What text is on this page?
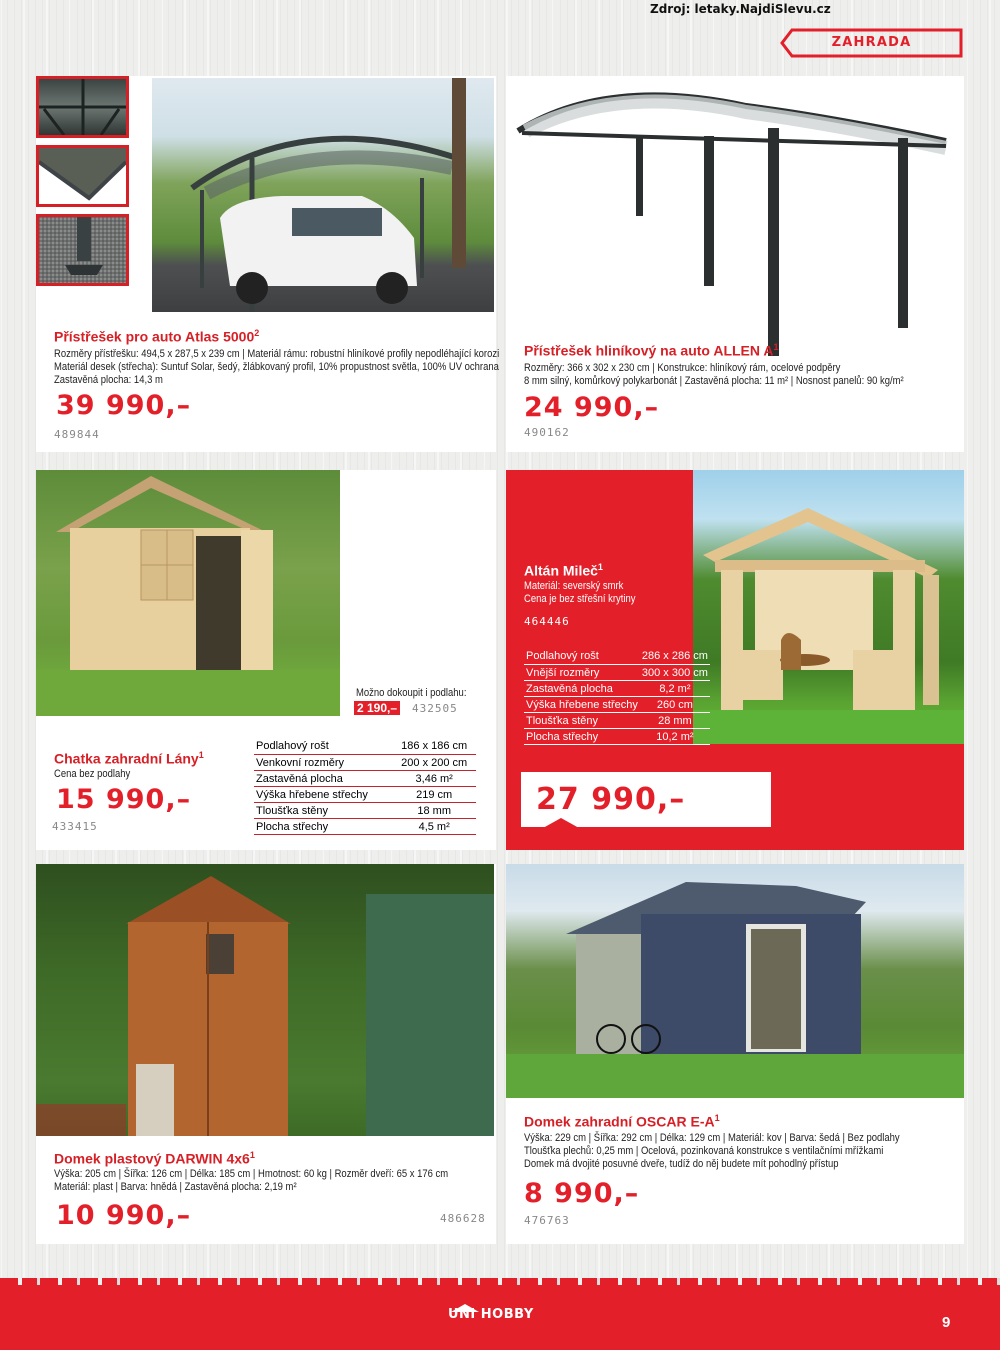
Zdroj: letaky.NajdiSlevu.cz
ZAHRADA
Přístřešek pro auto Atlas 5000$^2$
Rozměry přístřešku: 494,5 x 287,5 x 239 cm | Materiál rámu: robustní hliníkové profily nepodléhající korozi
Materiál desek (střecha): Suntuf Solar, šedý, žlábkovaný profil, 10% propustnost světla, 100% UV ochrana
Zastavěná plocha: 14,3 m
39 990,–
489844
Přístřešek hliníkový na auto ALLEN $A^1$
Rozměry: 366 x 302 x 230 cm | Konstrukce: hliníkový rám, ocelové podpěry
8 mm silný, komůrkový polykarbonát | Zastavěná plocha: 11 m² | Nosnost panelů: 90 kg/m²
24 990,–
490162
Možno dokoupit i podlahu:
2 190,– 432505
Chatka zahradní Lány$^1$
Cena bez podlahy
15 990,–
433415
Podlahový rošt	186 x 186 cm
Venkovní rozměry	200 x 200 cm
Zastavěná plocha	3,46 m²
Výška hřebene střechy	219 cm
Tloušťka stěny	18 mm
Plocha střechy	4,5 m²
Altán Mileč$^1$
Materiál: severský smrk
Cena je bez střešní krytiny
464446
Podlahový rošt	286 x 286 cm
Vnější rozměry	300 x 300 cm
Zastavěná plocha	8,2 m²
Výška hřebene střechy	260 cm
Tloušťka stěny	28 mm
Plocha střechy	10,2 m²
27 990,–
Domek plastový DARWIN $4x6^1$
Výška: 205 cm | Šířka: 126 cm | Délka: 185 cm | Hmotnost: 60 kg | Rozměr dveří: 65 x 176 cm
Materiál: plast | Barva: hnědá | Zastavěná plocha: 2,19 m²
10 990,–	486628
Domek zahradní OSCAR $E-A^1$
Výška: 229 cm | Šířka: 292 cm | Délka: 129 cm | Materiál: kov | Barva: šedá | Bez podlahy
Tloušťka plechů: 0,25 mm | Ocelová, pozinkovaná konstrukce s ventilačními mřížkami
Domek má dvojité posuvné dveře, tudíž do něj budete mít pohodlný přístup
8 990,–
476763
UNI HOBBY	9
